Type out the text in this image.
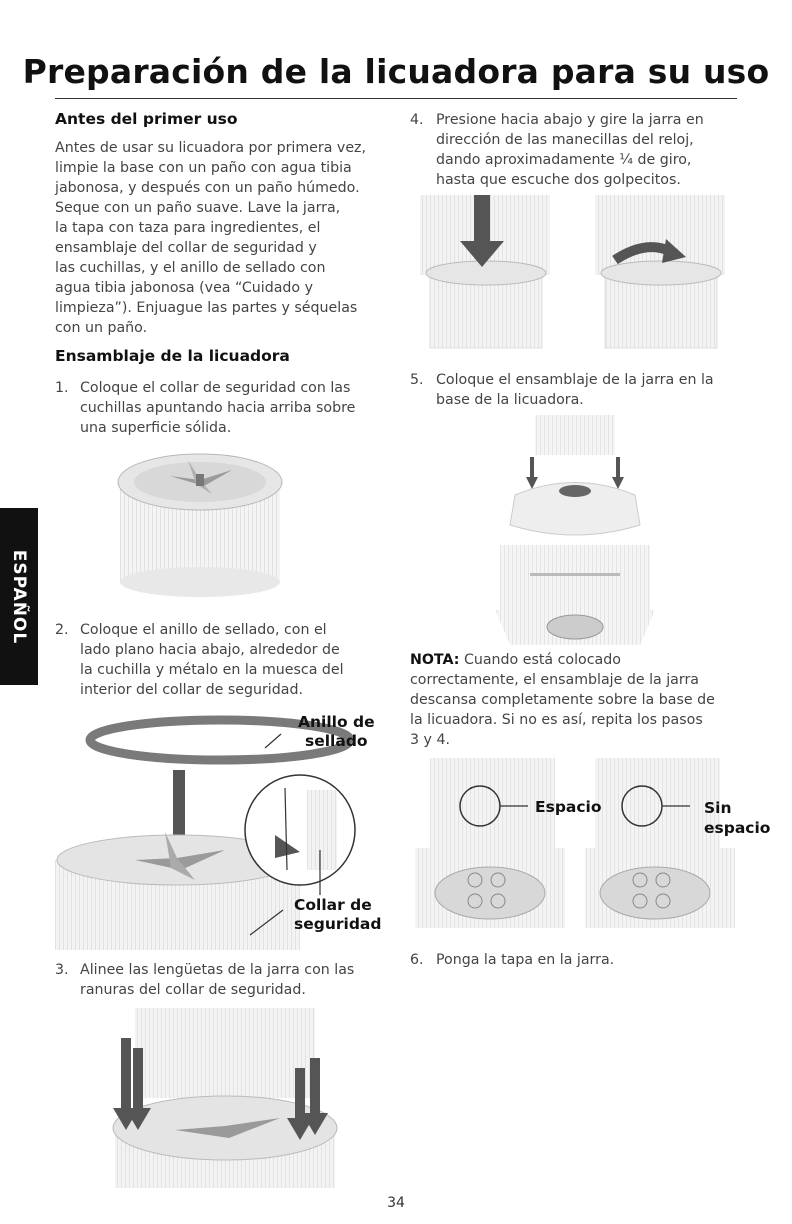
Preparación de la licuadora para su uso
ESPAÑOL
Antes del primer uso

Antes de usar su licuadora por primera vez,

limpie la base con un paño con agua tibia

jabonosa, y después con un paño húmedo.

Seque con un paño suave. Lave la jarra,

la tapa con taza para ingredientes, el

ensamblaje del collar de seguridad y

las cuchillas, y el anillo de sellado con

agua tibia jabonosa (vea “Cuidado y

limpieza”). Enjuague las partes y séquelas

con un paño.

Ensamblaje de la licuadora
1. Coloque el collar de seguridad con las

cuchillas apuntando hacia arriba sobre

una superficie sólida.

2. Coloque el anillo de sellado, con el

lado plano hacia abajo, alrededor de

la cuchilla y métalo en la muesca del

interior del collar de seguridad.

Anillo de

sellado

Collar de

seguridad

3. Alinee las lengüetas de la jarra con las

ranuras del collar de seguridad.

4. Presione hacia abajo y gire la jarra en

dirección de las manecillas del reloj,

dando aproximadamente ¼ de giro,

hasta que escuche dos golpecitos.

5. Coloque el ensamblaje de la jarra en la

base de la licuadora.

NOTA: Cuando está colocado

correctamente, el ensamblaje de la jarra

descansa completamente sobre la base de

la licuadora. Si no es así, repita los pasos

3 y 4.

Espacio	Sin

espacio

6. Ponga la tapa en la jarra.

34
